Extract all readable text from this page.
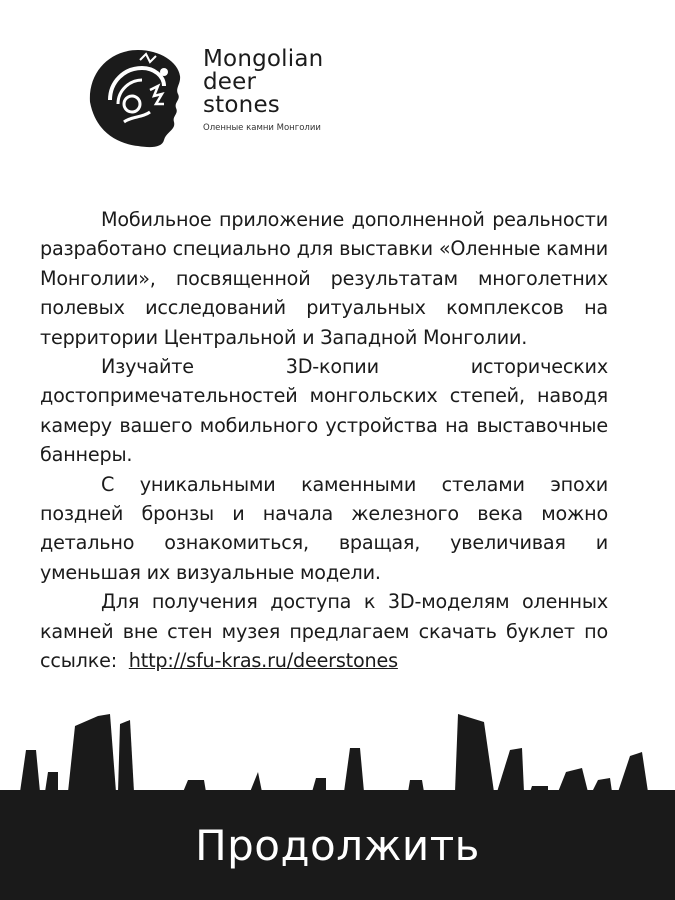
Mongolian
deer
stones
Оленные камни Монголии

Мобильное приложение дополненной реальности разработано специально для выставки «Оленные камни Монголии», посвященной результатам многолетних полевых исследований ритуальных комплексов на территории Центральной и Западной Монголии.

Изучайте 3D-копии исторических достопримечательностей монгольских степей, наводя камеру вашего мобильного устройства на выставочные баннеры.

С уникальными каменными стелами эпохи поздней бронзы и начала железного века можно детально ознакомиться, вращая, увеличивая и уменьшая их визуальные модели.

Для получения доступа к 3D-моделям оленных камней вне стен музея предлагаем скачать буклет по ссылке: http://sfu-kras.ru/deerstones

Продолжить
